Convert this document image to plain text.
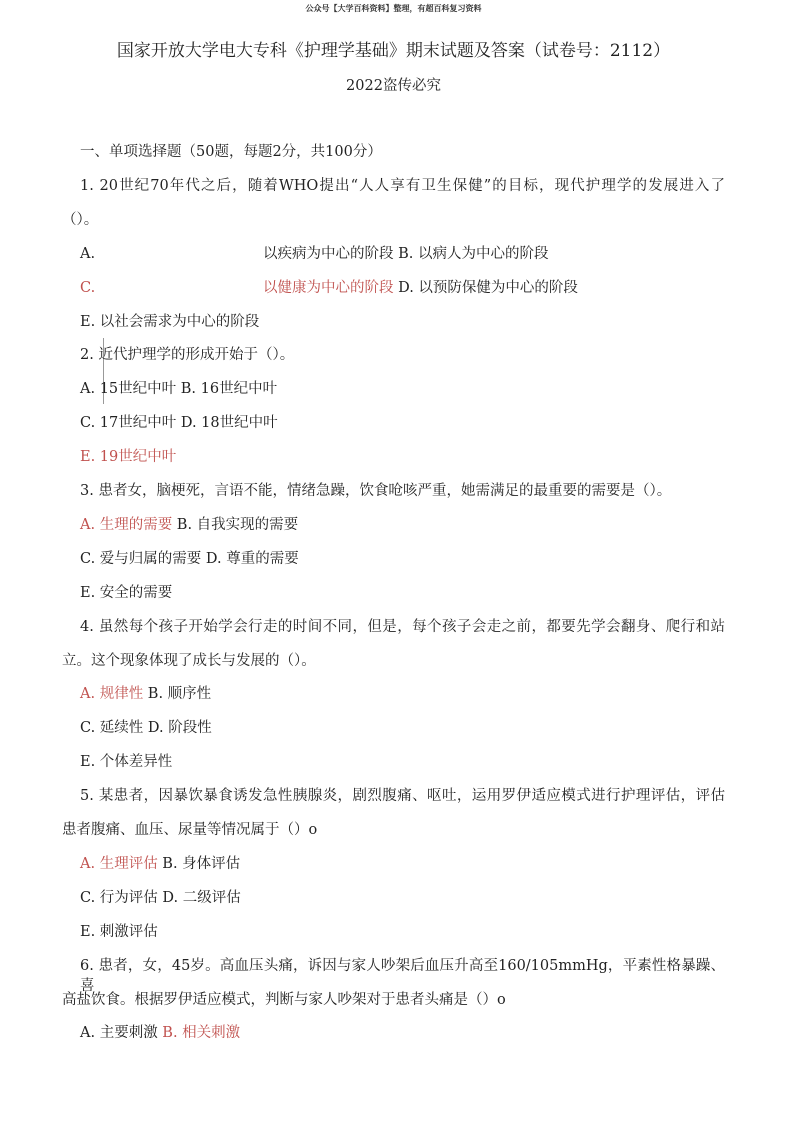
公众号【大学百科资料】整理，有超百科复习资料
国家开放大学电大专科《护理学基础》期末试题及答案（试卷号：2112）
2022盗传必究
一、单项选择题（50题，每题2分，共100分）
1. 20世纪70年代之后，随着WHO提出“人人享有卫生保健”的目标，现代护理学的发展进入了
（）。
A.	以疾病为中心的阶段 B. 以病人为中心的阶段
C.	以健康为中心的阶段 D. 以预防保健为中心的阶段
E. 以社会需求为中心的阶段
2. 近代护理学的形成开始于（）。
A. 15世纪中叶 B. 16世纪中叶
C. 17世纪中叶 D. 18世纪中叶
E. 19世纪中叶
3. 患者女，脑梗死，言语不能，情绪急躁，饮食呛咳严重，她需满足的最重要的需要是（）。
A. 生理的需要 B. 自我实现的需要
C. 爱与归属的需要 D. 尊重的需要
E. 安全的需要
4. 虽然每个孩子开始学会行走的时间不同，但是，每个孩子会走之前，都要先学会翻身、爬行和站
立。这个现象体现了成长与发展的（）。
A. 规律性 B. 顺序性
C. 延续性 D. 阶段性
E. 个体差异性
5. 某患者，因暴饮暴食诱发急性胰腺炎，剧烈腹痛、呕吐，运用罗伊适应模式进行护理评估，评估
患者腹痛、血压、尿量等情况属于（）o
A. 生理评估 B. 身体评估
C. 行为评估 D. 二级评估
E. 刺激评估
6. 患者，女，45岁。高血压头痛，诉因与家人吵架后血压升高至160/105mmHg，平素性格暴躁、喜
高盐饮食。根据罗伊适应模式，判断与家人吵架对于患者头痛是（）o
A. 主要刺激 B. 相关刺激
